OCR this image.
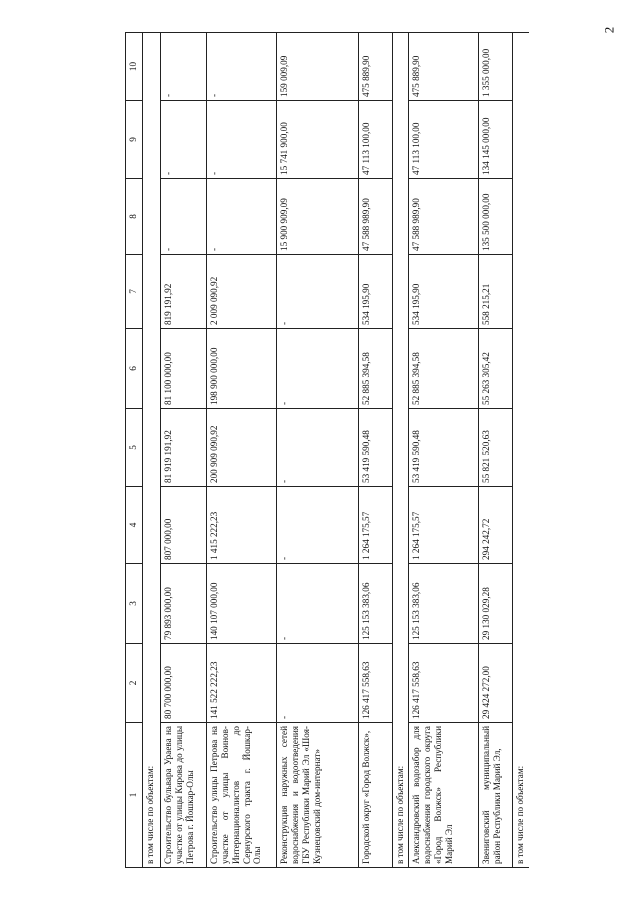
2
1	2	3	4	5	6	7	8	9	10
в том числе по объектам:									
Строительство бульвара Ураева на участке от улицы Кирова до улицы Петрова г. Йошкар-Олы	80 700 000,00	79 893 000,00	807 000,00	81 919 191,92	81 100 000,00	819 191,92	-	-	-
Строительство улицы Петрова на участке от улицы Воинов-Интернационалистов до Сернурского тракта г. Йошкар-Олы	141 522 222,23	140 107 000,00	1 415 222,23	200 909 090,92	198 900 000,00	2 009 090,92	-	-	-
Реконструкция наружных сетей водоснабжения и водоотведения ГБУ Республики Марий Эл «Шоя-Кузнецовский дом-интернат»	-	-	-	-	-	-	15 900 909,09	15 741 900,00	159 009,09
Городской округ «Город Волжск»,	126 417 558,63	125 153 383,06	1 264 175,57	53 419 590,48	52 885 394,58	534 195,90	47 588 989,90	47 113 100,00	475 889,90
в том числе по объектам:									
Александровский водозабор для водоснабжения городского округа «Город Волжск» Республики Марий Эл	126 417 558,63	125 153 383,06	1 264 175,57	53 419 590,48	52 885 394,58	534 195,90	47 588 989,90	47 113 100,00	475 889,90
Звениговский муниципальный район Республики Марий Эл,	29 424 272,00	29 130 029,28	294 242,72	55 821 520,63	55 263 305,42	558 215,21	135 500 000,00	134 145 000,00	1 355 000,00
в том числе по объектам:									
